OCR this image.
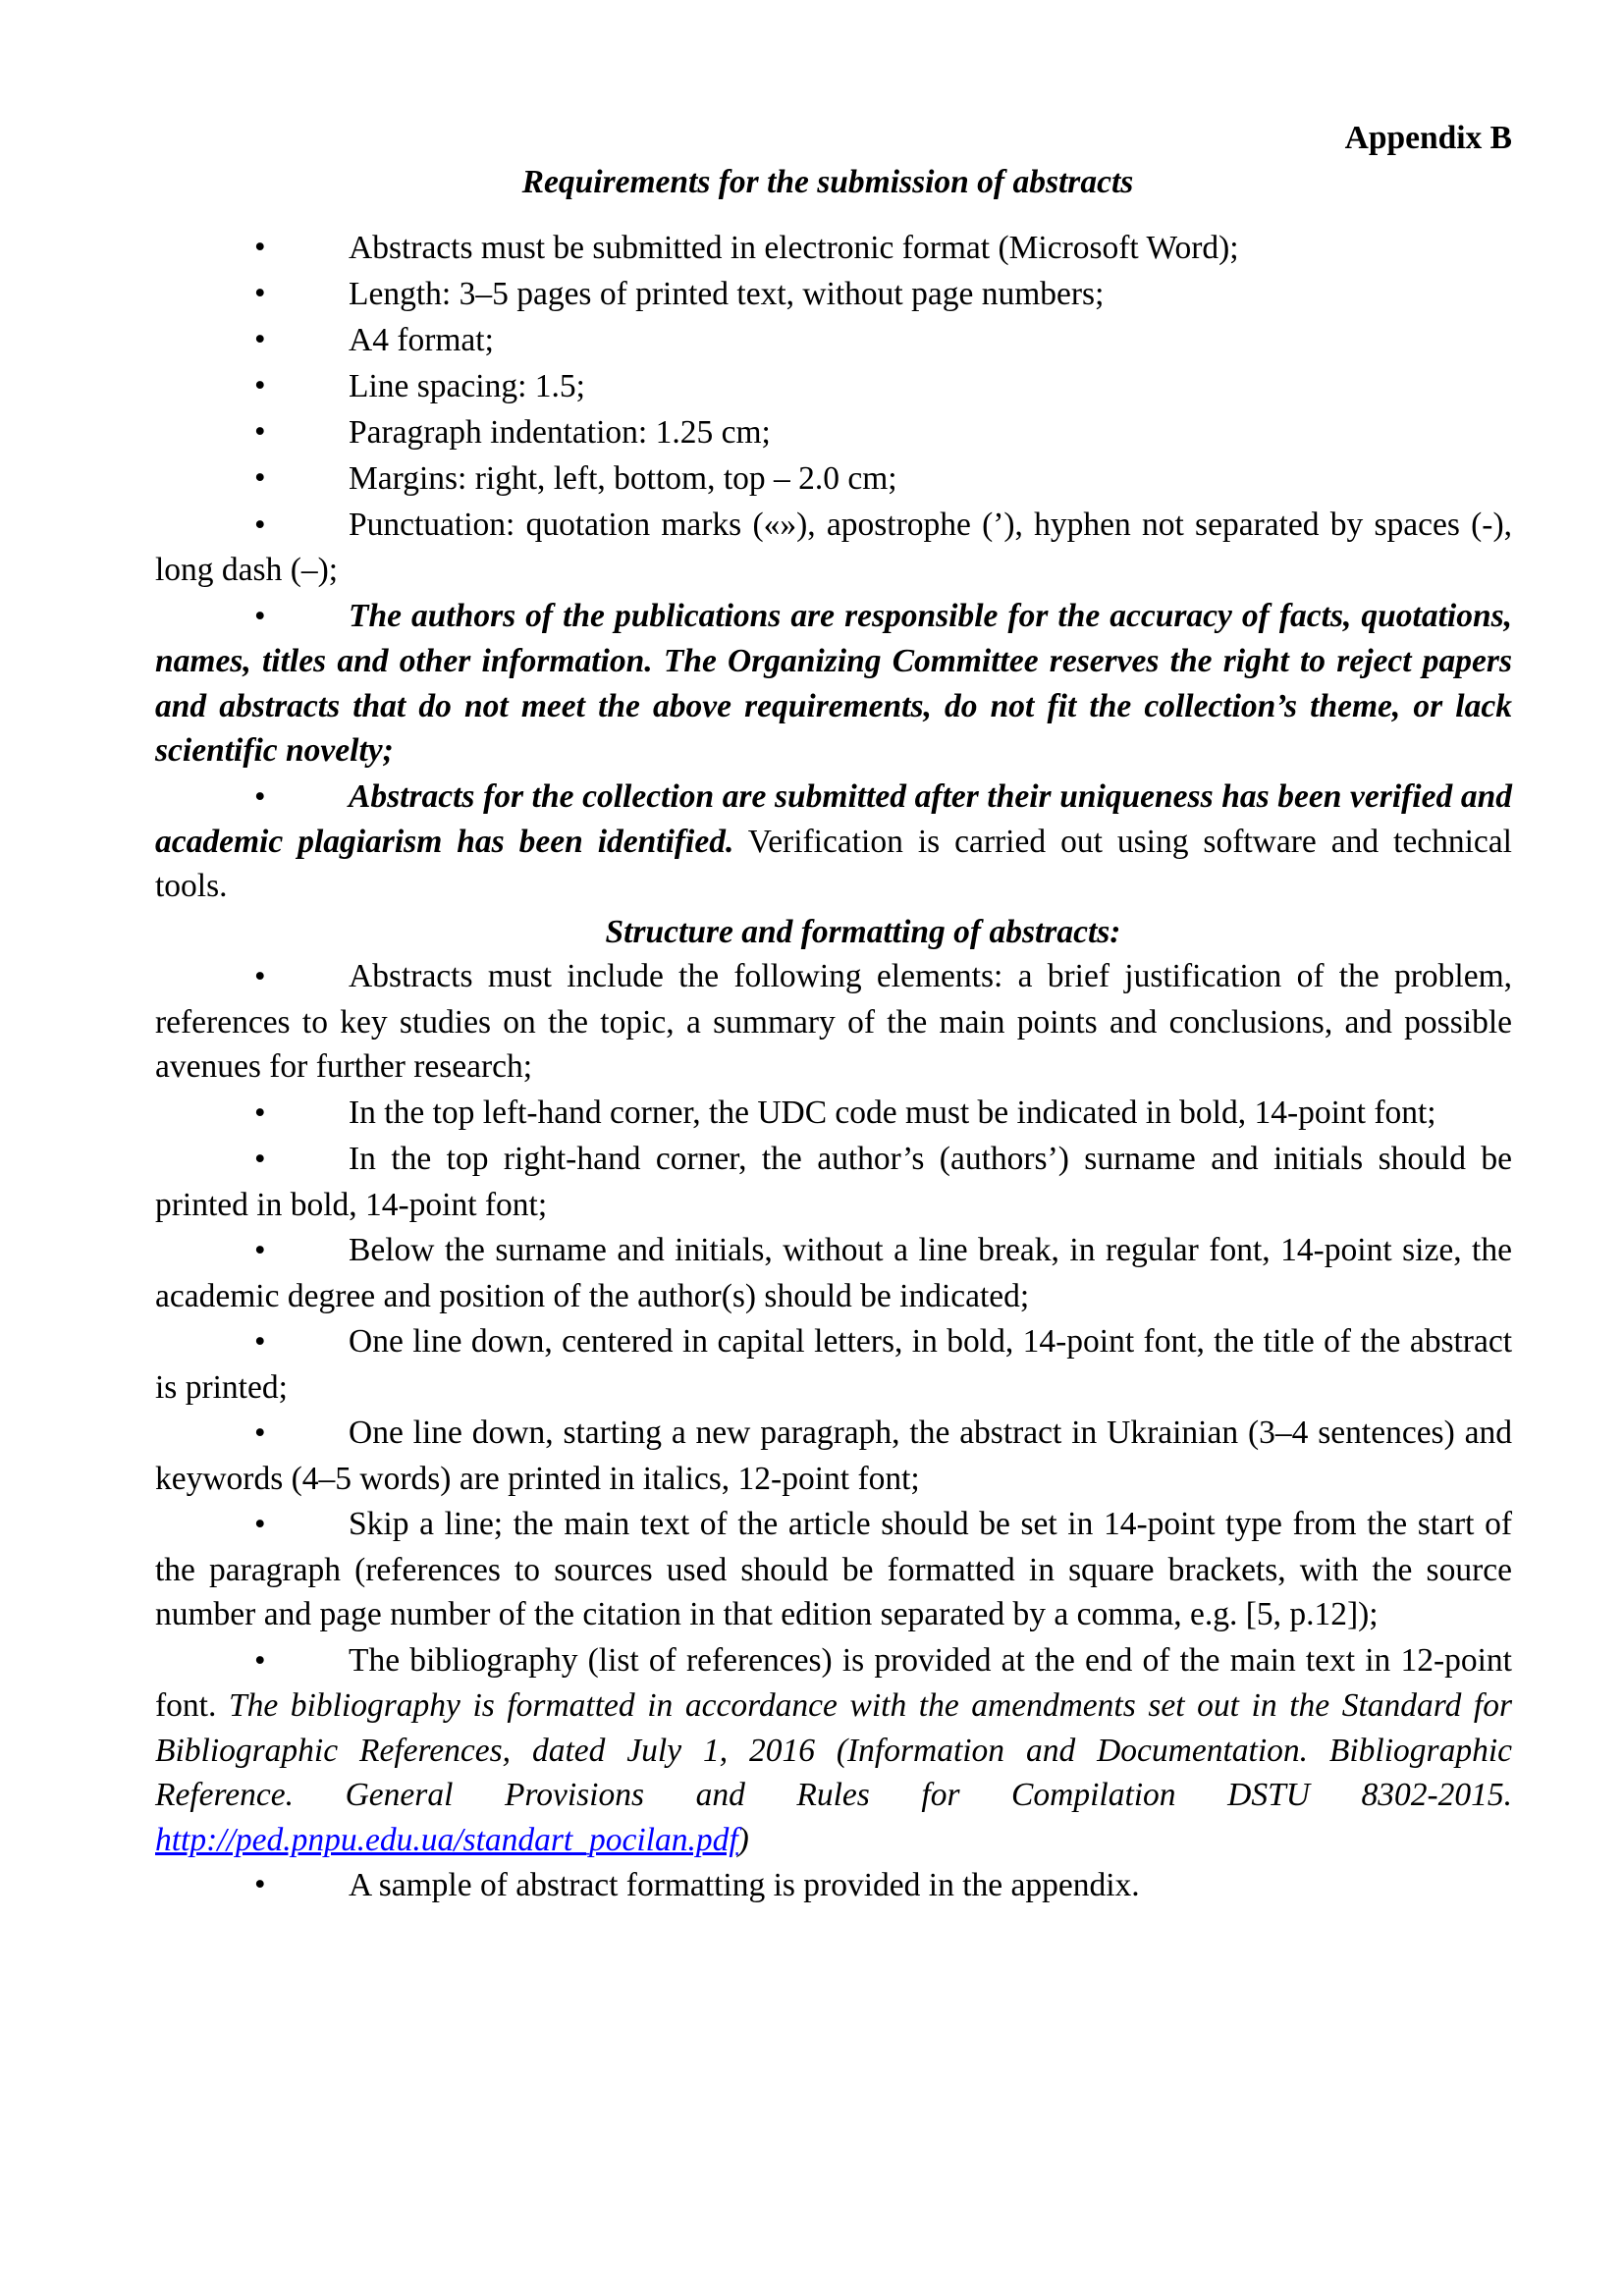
Appendix B

Requirements for the submission of abstracts

•	Abstracts must be submitted in electronic format (Microsoft Word);
•	Length: 3–5 pages of printed text, without page numbers;
•	A4 format;
•	Line spacing: 1.5;
•	Paragraph indentation: 1.25 cm;
•	Margins: right, left, bottom, top – 2.0 cm;
•	Punctuation: quotation marks («»), apostrophe (’), hyphen not separated by spaces (-), long dash (–);
•	The authors of the publications are responsible for the accuracy of facts, quotations, names, titles and other information. The Organizing Committee reserves the right to reject papers and abstracts that do not meet the above requirements, do not fit the collection’s theme, or lack scientific novelty;
•	Abstracts for the collection are submitted after their uniqueness has been verified and academic plagiarism has been identified. Verification is carried out using software and technical tools.

Structure and formatting of abstracts:

•	Abstracts must include the following elements: a brief justification of the problem, references to key studies on the topic, a summary of the main points and conclusions, and possible avenues for further research;
•	In the top left-hand corner, the UDC code must be indicated in bold, 14-point font;
•	In the top right-hand corner, the author’s (authors’) surname and initials should be printed in bold, 14-point font;
•	Below the surname and initials, without a line break, in regular font, 14-point size, the academic degree and position of the author(s) should be indicated;
•	One line down, centered in capital letters, in bold, 14-point font, the title of the abstract is printed;
•	One line down, starting a new paragraph, the abstract in Ukrainian (3–4 sentences) and keywords (4–5 words) are printed in italics, 12-point font;
•	Skip a line; the main text of the article should be set in 14-point type from the start of the paragraph (references to sources used should be formatted in square brackets, with the source number and page number of the citation in that edition separated by a comma, e.g. [5, p.12]);
•	The bibliography (list of references) is provided at the end of the main text in 12-point font. The bibliography is formatted in accordance with the amendments set out in the Standard for Bibliographic References, dated July 1, 2016 (Information and Documentation. Bibliographic Reference. General Provisions and Rules for Compilation DSTU 8302-2015. http://ped.pnpu.edu.ua/standart_pocilan.pdf)
•	A sample of abstract formatting is provided in the appendix.
